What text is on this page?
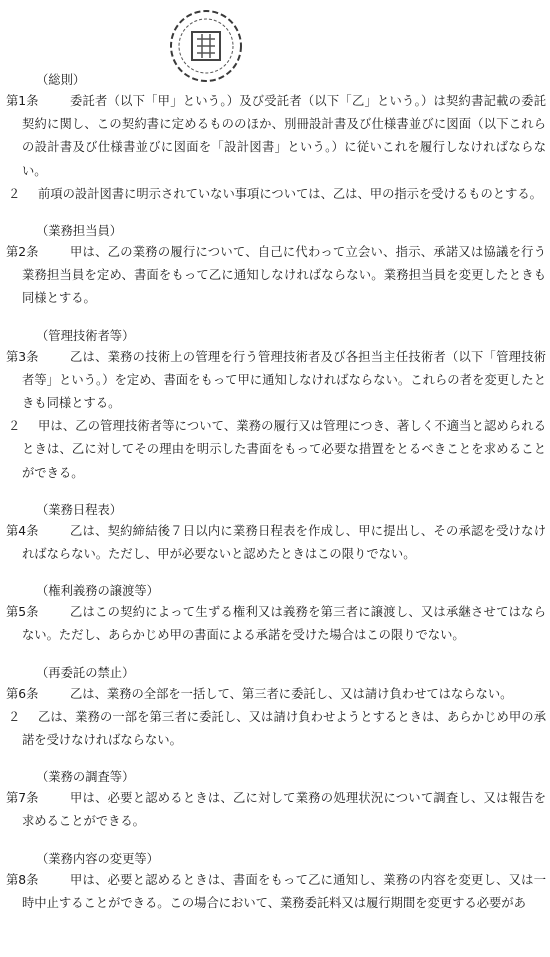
（総則）

第1条	委託者（以下「甲」という。）及び受託者（以下「乙」という。）は契約書記載の委託契約に関し、この契約書に定めるもののほか、別冊設計書及び仕様書並びに図面（以下これらの設計書及び仕様書並びに図面を「設計図書」という。）に従いこれを履行しなければならない。

２	前項の設計図書に明示されていない事項については、乙は、甲の指示を受けるものとする。

（業務担当員）

第2条	甲は、乙の業務の履行について、自己に代わって立会い、指示、承諾又は協議を行う業務担当員を定め、書面をもって乙に通知しなければならない。業務担当員を変更したときも同様とする。

（管理技術者等）

第3条	乙は、業務の技術上の管理を行う管理技術者及び各担当主任技術者（以下「管理技術者等」という。）を定め、書面をもって甲に通知しなければならない。これらの者を変更したときも同様とする。

２	甲は、乙の管理技術者等について、業務の履行又は管理につき、著しく不適当と認められるときは、乙に対してその理由を明示した書面をもって必要な措置をとるべきことを求めることができる。

（業務日程表）

第4条	乙は、契約締結後７日以内に業務日程表を作成し、甲に提出し、その承認を受けなければならない。ただし、甲が必要ないと認めたときはこの限りでない。

（権利義務の譲渡等）

第5条	乙はこの契約によって生ずる権利又は義務を第三者に譲渡し、又は承継させてはならない。ただし、あらかじめ甲の書面による承諾を受けた場合はこの限りでない。

（再委託の禁止）

第6条	乙は、業務の全部を一括して、第三者に委託し、又は請け負わせてはならない。

２	乙は、業務の一部を第三者に委託し、又は請け負わせようとするときは、あらかじめ甲の承諾を受けなければならない。

（業務の調査等）

第7条	甲は、必要と認めるときは、乙に対して業務の処理状況について調査し、又は報告を求めることができる。

（業務内容の変更等）

第8条	甲は、必要と認めるときは、書面をもって乙に通知し、業務の内容を変更し、又は一時中止することができる。この場合において、業務委託料又は履行期間を変更する必要があ
